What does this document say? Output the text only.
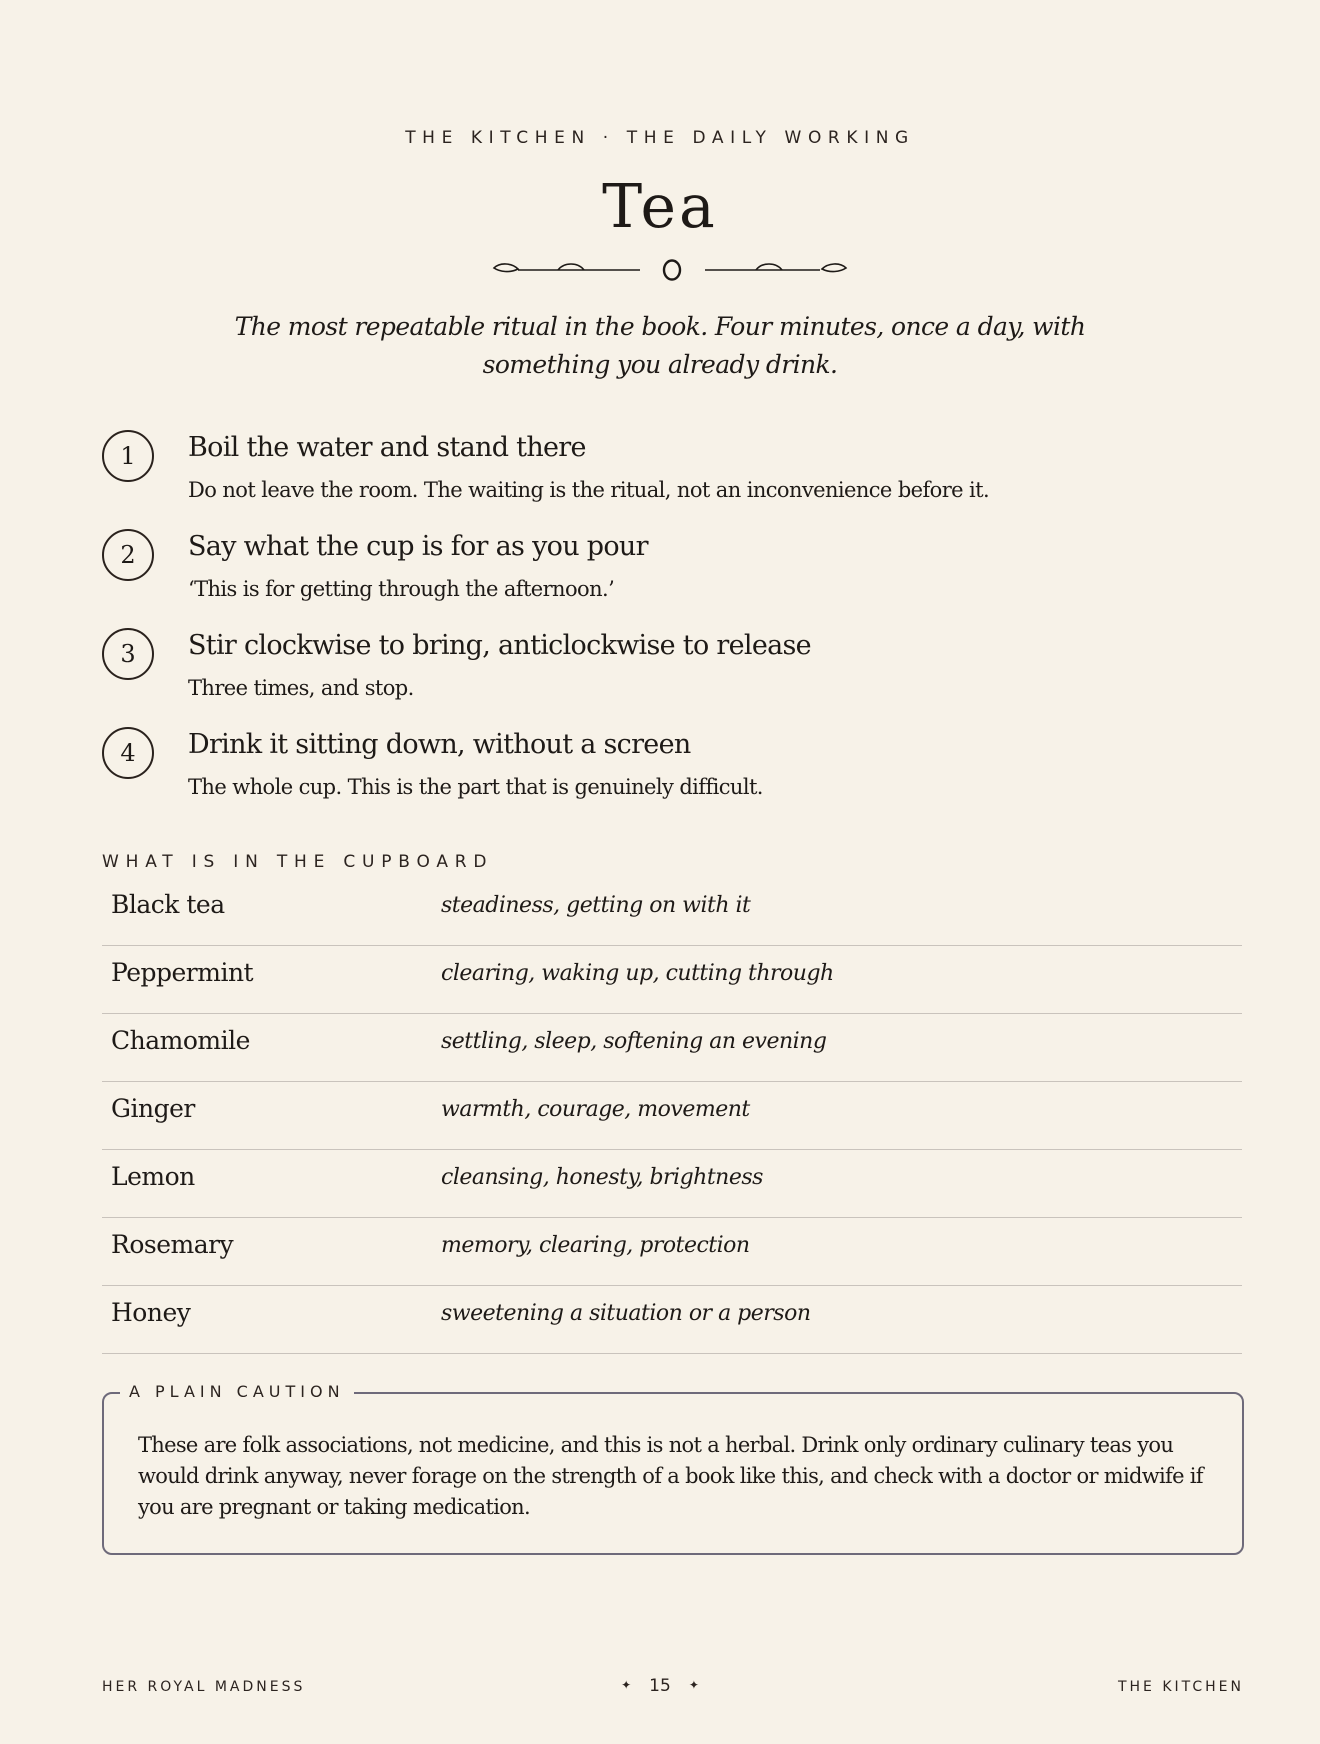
THE KITCHEN · THE DAILY WORKING
Tea

The most repeatable ritual in the book. Four minutes, once a day, with something you already drink.

1	Boil the water and stand there
Do not leave the room. The waiting is the ritual, not an inconvenience before it.
2	Say what the cup is for as you pour
‘This is for getting through the afternoon.’
3	Stir clockwise to bring, anticlockwise to release
Three times, and stop.
4	Drink it sitting down, without a screen
The whole cup. This is the part that is genuinely difficult.
WHAT IS IN THE CUPBOARD
Black tea	steadiness, getting on with it
Peppermint	clearing, waking up, cutting through
Chamomile	settling, sleep, softening an evening
Ginger	warmth, courage, movement
Lemon	cleansing, honesty, brightness
Rosemary	memory, clearing, protection
Honey	sweetening a situation or a person
A PLAIN CAUTION

These are folk associations, not medicine, and this is not a herbal. Drink only ordinary culinary teas you would drink anyway, never forage on the strength of a book like this, and check with a doctor or midwife if you are pregnant or taking medication.

HER ROYAL MADNESS	✦ 15 ✦	THE KITCHEN
